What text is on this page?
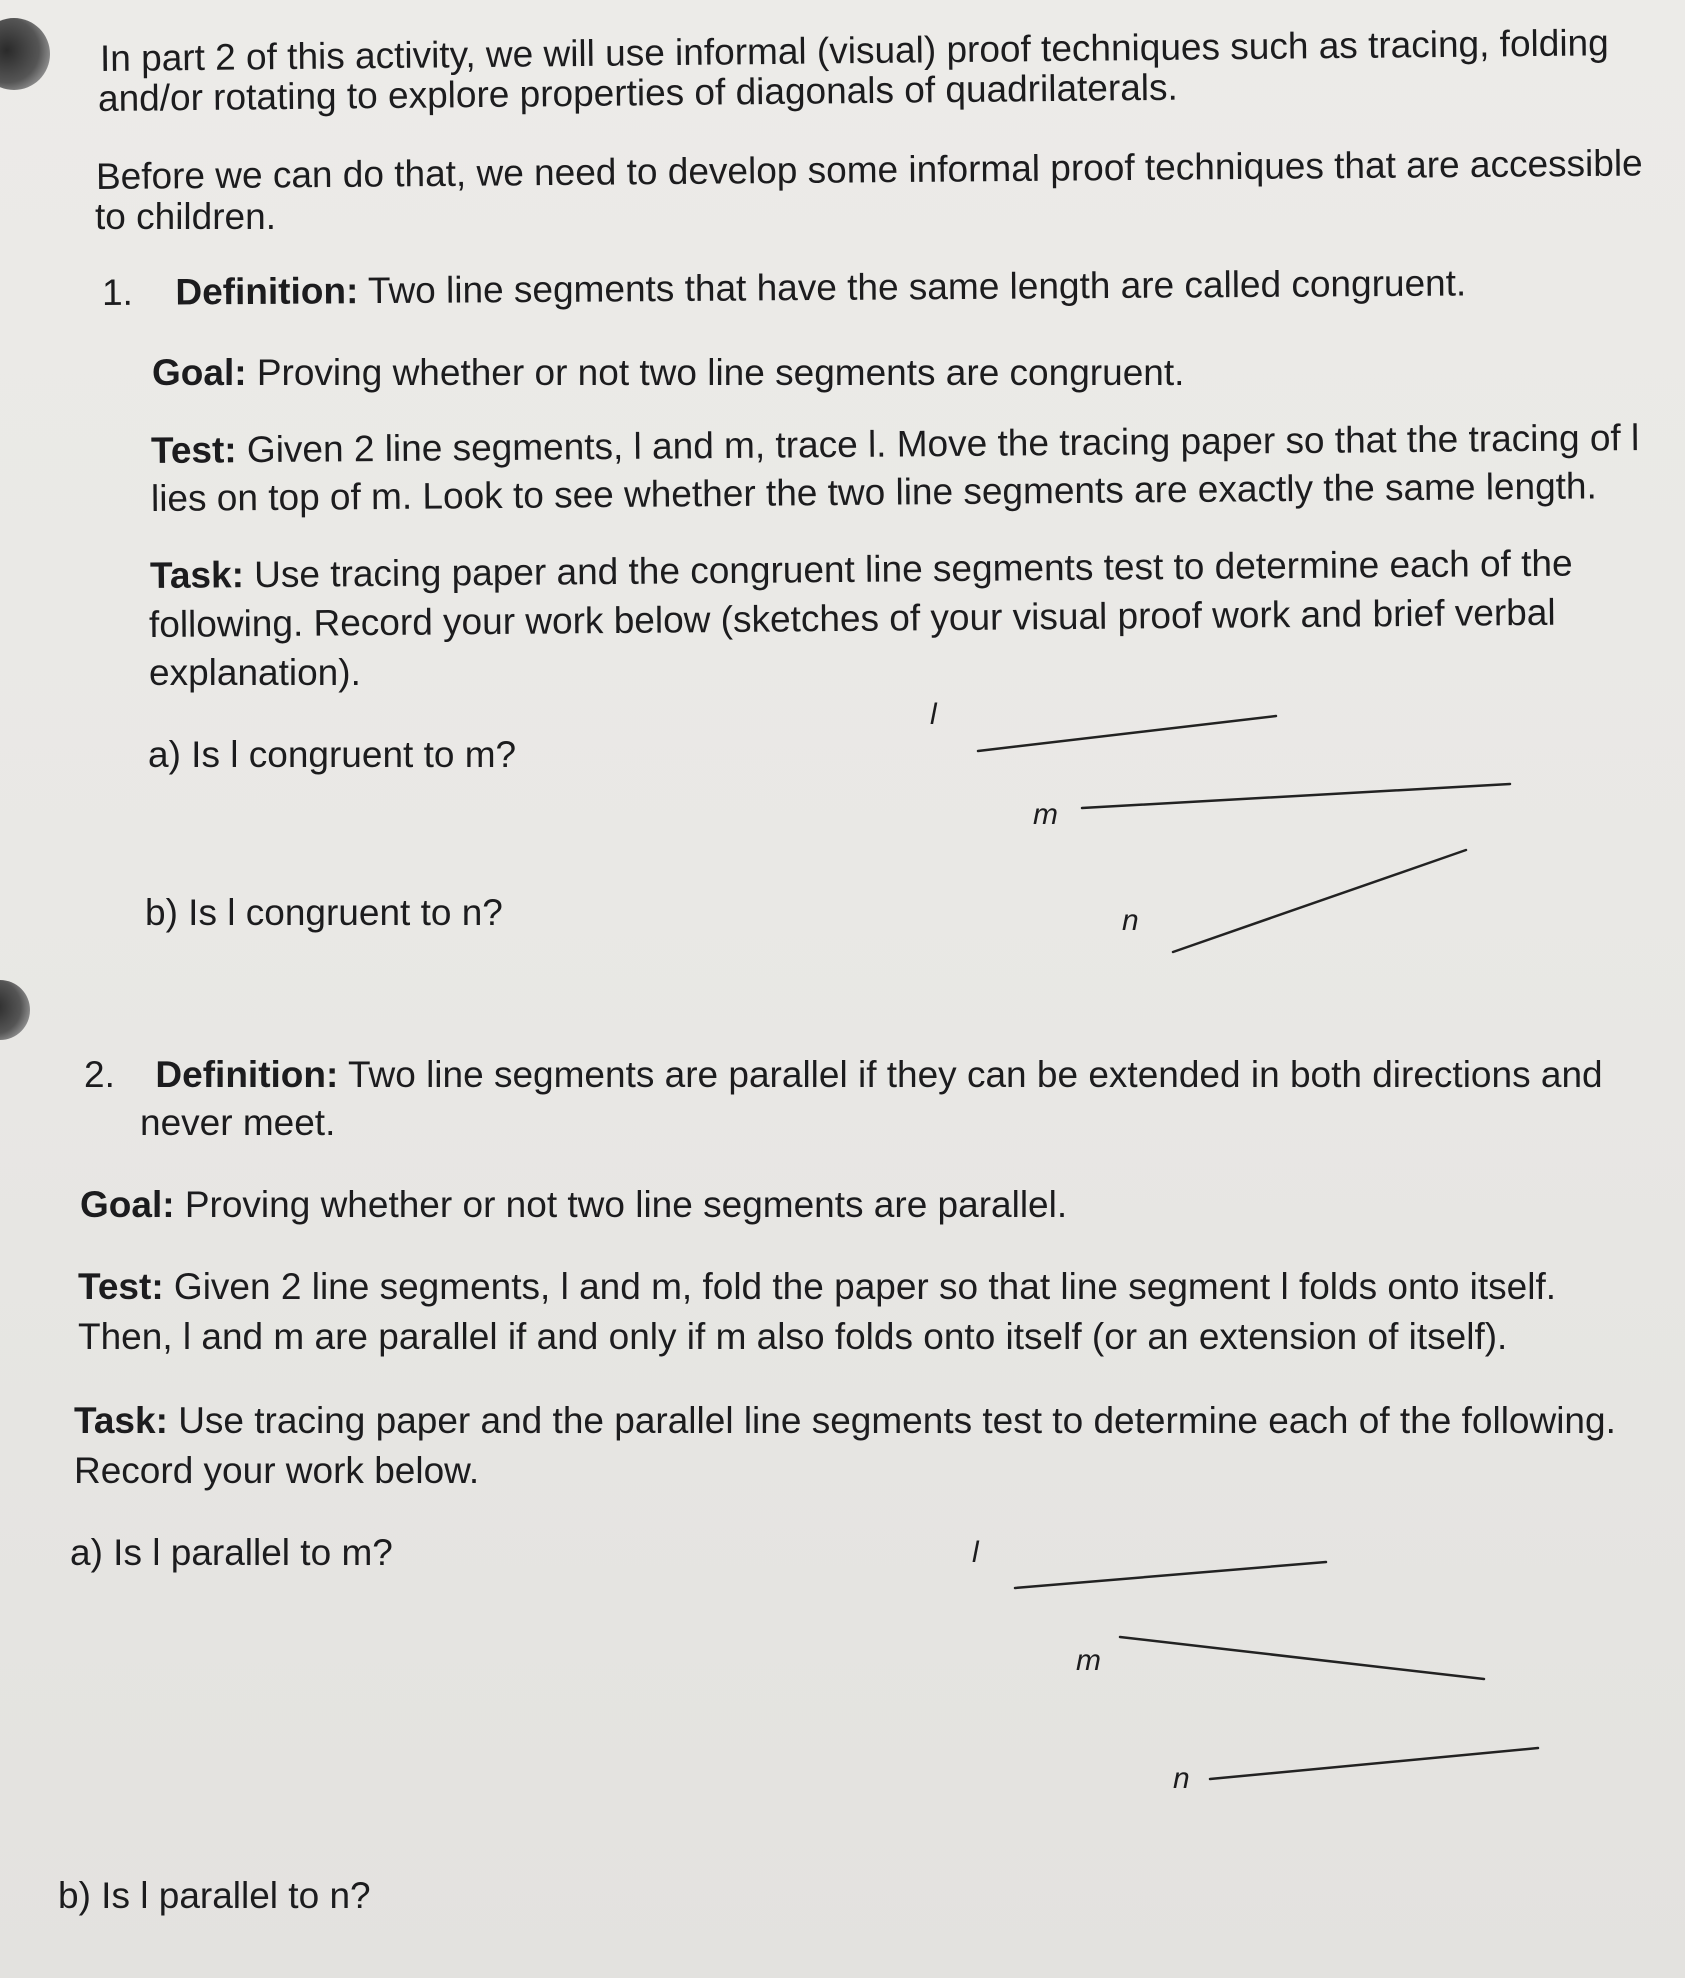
In part 2 of this activity, we will use informal (visual) proof techniques such as tracing, folding
and/or rotating to explore properties of diagonals of quadrilaterals.
Before we can do that, we need to develop some informal proof techniques that are accessible
to children.
1. Definition: Two line segments that have the same length are called congruent.
Goal: Proving whether or not two line segments are congruent.
Test: Given 2 line segments, l and m, trace l. Move the tracing paper so that the tracing of l
lies on top of m. Look to see whether the two line segments are exactly the same length.
Task: Use tracing paper and the congruent line segments test to determine each of the
following. Record your work below (sketches of your visual proof work and brief verbal
explanation).
a) Is l congruent to m?
b) Is l congruent to n?
l
m
n
2. Definition: Two line segments are parallel if they can be extended in both directions and
never meet.
Goal: Proving whether or not two line segments are parallel.
Test: Given 2 line segments, l and m, fold the paper so that line segment l folds onto itself.
Then, l and m are parallel if and only if m also folds onto itself (or an extension of itself).
Task: Use tracing paper and the parallel line segments test to determine each of the following.
Record your work below.
a) Is l parallel to m?
b) Is l parallel to n?
l
m
n
